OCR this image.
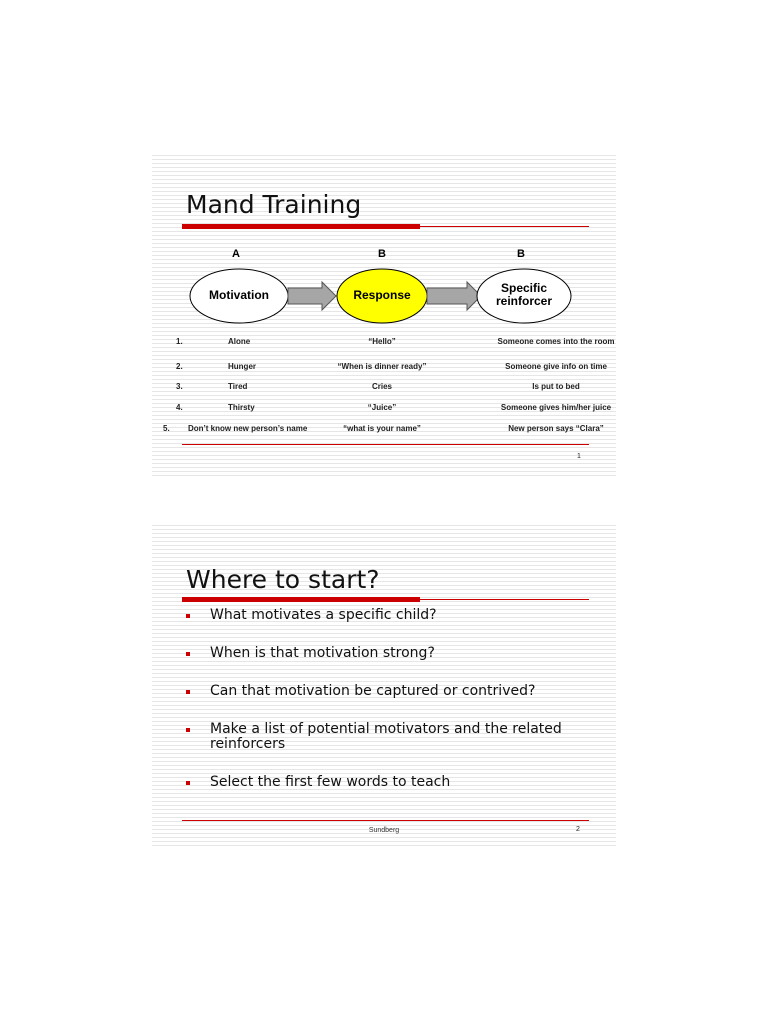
Mand Training
A	B	B
Motivation	Response	Specific
reinforcer
1.	Alone	“Hello”	Someone comes into the room
2.	Hunger	“When is dinner ready”	Someone give info on time
3.	Tired	Cries	Is put to bed
4.	Thirsty	“Juice”	Someone gives him/her juice
5. Don’t know new person’s name	“what is your name”	New person says “Clara”
1
Where to start?
What motivates a specific child?
When is that motivation strong?
Can that motivation be captured or contrived?
Make a list of potential motivators and the related reinforcers
Select the first few words to teach
Sundberg	2
